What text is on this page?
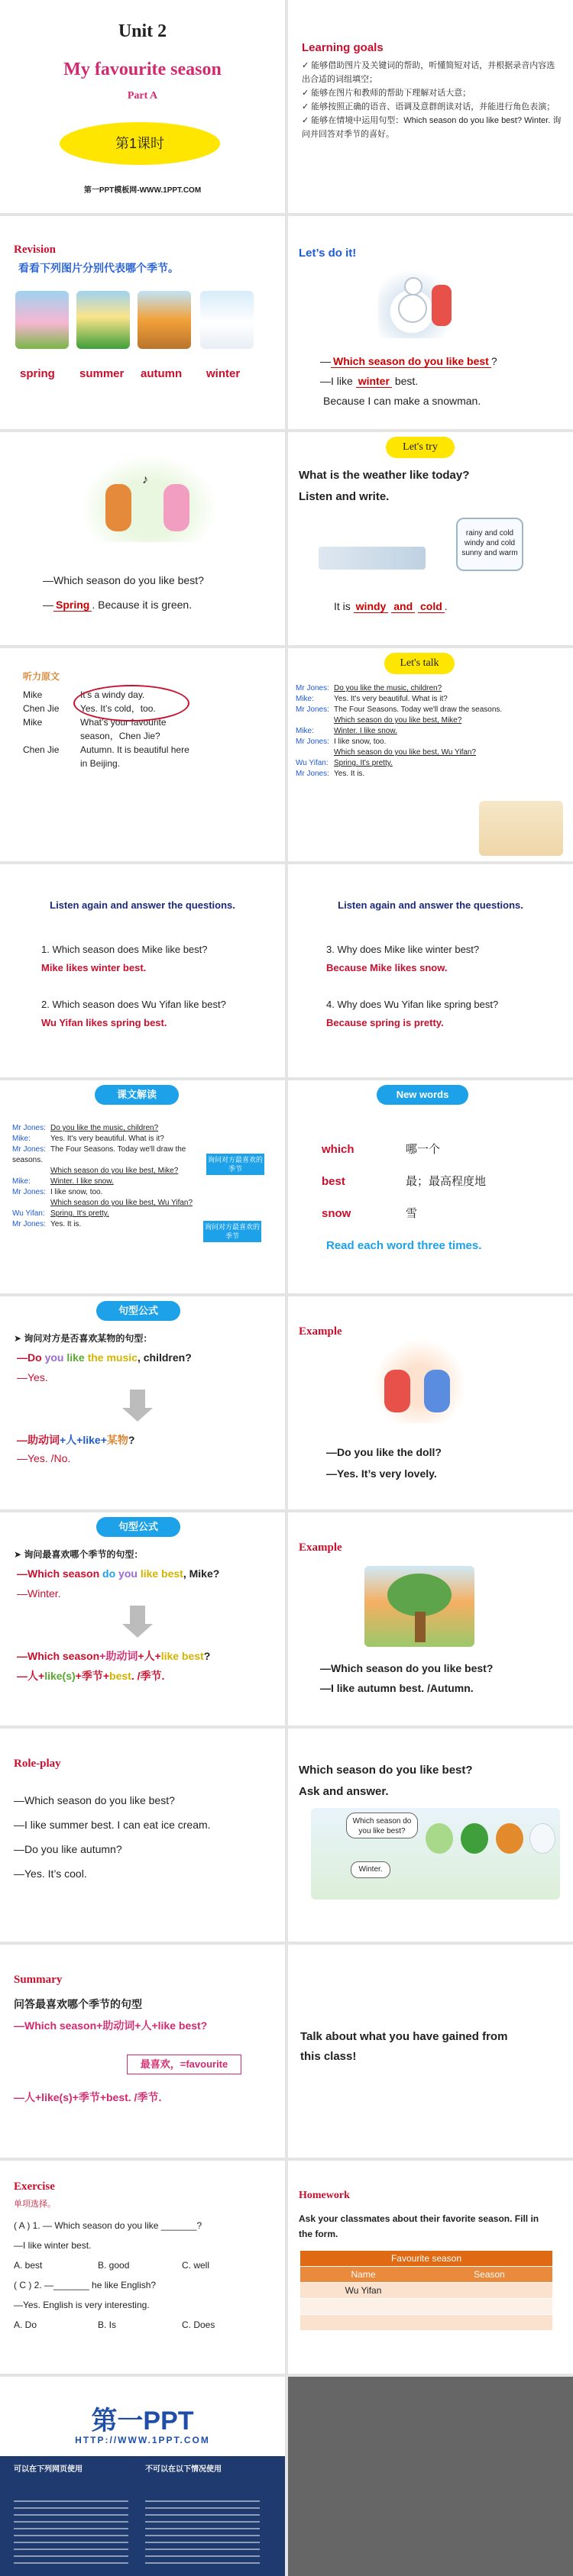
Unit 2
My favourite season
Part A
第1课时
第一PPT模板网-WWW.1PPT.COM
Learning goals
✓ 能够借助图片及关键词的帮助，听懂简短对话，并根据录音内容选出合适的词组填空；
✓ 能够在图片和教师的帮助下理解对话大意；
✓ 能够按照正确的语音、语调及意群朗读对话，并能进行角色表演；
✓ 能够在情境中运用句型：Which season do you like best? Winter. 询问并回答对季节的喜好。
Revision
看看下列图片分别代表哪个季节。
spring summer autumn winter
Let’s do it!
— Which season do you like best ?
—I like winter best.
Because I can make a snowman.
♪
—Which season do you like best?
— Spring . Because it is green.
Let's try
What is the weather like today?
Listen and write.
rainy and cold windy and cold sunny and warm
It is windy and cold .
听力原文
Mike	It’s a windy day.
Chen Jie	Yes. It’s cold，too.
Mike	What’s your favourite season，Chen Jie?
Chen Jie	Autumn. It is beautiful here in Beijing.
Let's talk
Mr Jones: Do you like the music, children?
Mike:	Yes. It's very beautiful. What is it?
Mr Jones: The Four Seasons. Today we'll draw the seasons.
Which season do you like best, Mike?
Mike:	Winter. I like snow.
Mr Jones: I like snow, too.
Which season do you like best, Wu Yifan?
Wu Yifan: Spring. It's pretty.
Mr Jones: Yes. It is.
Listen again and answer the questions.
1. Which season does Mike like best?
Mike likes winter best.
2. Which season does Wu Yifan like best?
Wu Yifan likes spring best.
Listen again and answer the questions.
3. Why does Mike like winter best?
Because Mike likes snow.
4. Why does Wu Yifan like spring best?
Because spring is pretty.
课文解读
Mr Jones: Do you like the music, children?
Mike:	Yes. It's very beautiful. What is it?
Mr Jones: The Four Seasons. Today we'll draw the seasons.
Which season do you like best, Mike?
Mike:	Winter. I like snow.
Mr Jones: I like snow, too.
Which season do you like best, Wu Yifan?
Wu Yifan: Spring. It's pretty.
Mr Jones: Yes. It is.
询问对方最喜欢的季节
询问对方最喜欢的季节
New words
which	哪一个
best	最；最高程度地
snow	雪
Read each word three times.
句型公式
➤ 询问对方是否喜欢某物的句型：
—Do you like the music, children?
—Yes.
—助动词+人+like+某物?
—Yes. /No.
Example
—Do you like the doll?
—Yes. It’s very lovely.
句型公式
➤ 询问最喜欢哪个季节的句型：
—Which season do you like best, Mike?
—Winter.
—Which season+助动词+人+like best?
—人+like(s)+季节+best. /季节.
Example
—Which season do you like best?
—I like autumn best. /Autumn.
Role-play
—Which season do you like best?
—I like summer best. I can eat ice cream.
—Do you like autumn?
—Yes. It’s cool.
Which season do you like best?
Ask and answer.
Which season do you like best?
Winter.
Summary
问答最喜欢哪个季节的句型
—Which season+助动词+人+like best?
最喜欢，=favourite
—人+like(s)+季节+best. /季节.
Talk about what you have gained from this class!
Exercise
单项选择。
( A ) 1. — Which season do you like _______?
—I like winter best.
A. best	B. good	C. well
( C ) 2. —_______ he like English?
—Yes. English is very interesting.
A. Do	B. Is	C. Does
Homework
Ask your classmates about their favorite season. Fill in the form.
Favourite season
Name	Season
Wu Yifan
第一PPT
HTTP://WWW.1PPT.COM
可以在下列网页使用	不可以在以下情况使用
